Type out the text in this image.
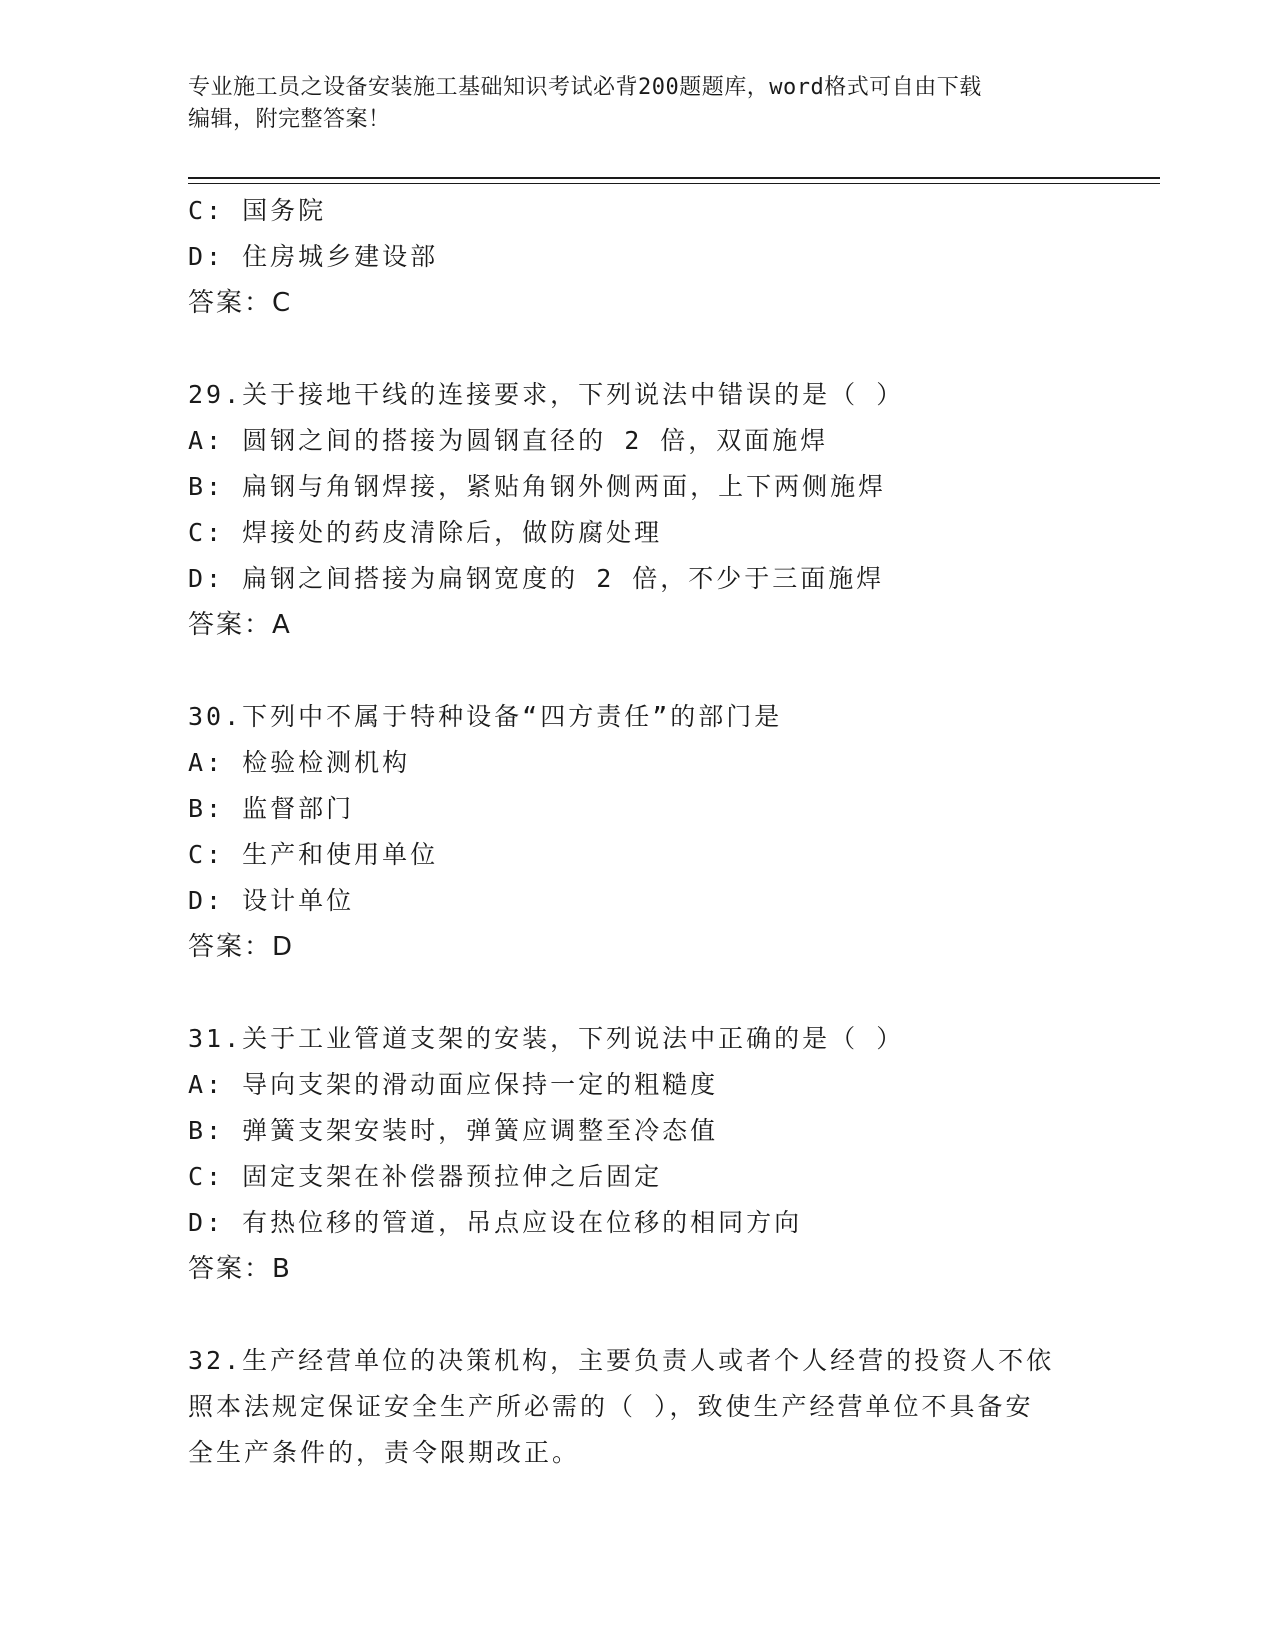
专业施工员之设备安装施工基础知识考试必背200题题库，word格式可自由下载
编辑，附完整答案！
C: 国务院
D: 住房城乡建设部
答案：C
29.关于接地干线的连接要求，下列说法中错误的是（ ）
A: 圆钢之间的搭接为圆钢直径的 2 倍，双面施焊
B: 扁钢与角钢焊接，紧贴角钢外侧两面，上下两侧施焊
C: 焊接处的药皮清除后，做防腐处理
D: 扁钢之间搭接为扁钢宽度的 2 倍，不少于三面施焊
答案：A
30.下列中不属于特种设备“四方责任”的部门是
A: 检验检测机构
B: 监督部门
C: 生产和使用单位
D: 设计单位
答案：D
31.关于工业管道支架的安装，下列说法中正确的是（ ）
A: 导向支架的滑动面应保持一定的粗糙度
B: 弹簧支架安装时，弹簧应调整至冷态值
C: 固定支架在补偿器预拉伸之后固定
D: 有热位移的管道，吊点应设在位移的相同方向
答案：B
32.生产经营单位的决策机构，主要负责人或者个人经营的投资人不依
照本法规定保证安全生产所必需的（ ），致使生产经营单位不具备安
全生产条件的，责令限期改正。
